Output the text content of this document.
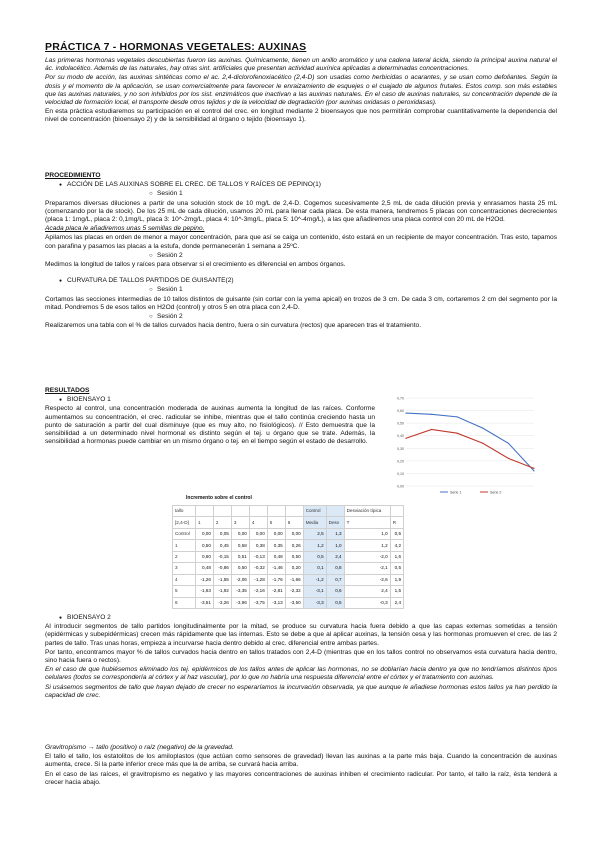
PRÁCTICA 7 - HORMONAS VEGETALES: AUXINAS

Las primeras hormonas vegetales descubiertas fueron las auxinas. Químicamente, tienen un anillo aromático y una cadena lateral ácida, siendo la principal auxina natural el ác. indolacético. Además de las naturales, hay otras sint. artificiales que presentan actividad auxínica aplicadas a determinadas concentraciones.

Por su modo de acción, las auxinas sintéticas como el ac. 2,4-diclorofenoxiacético (2,4-D) son usadas como herbicidas o acarantes, y se usan como defoliantes. Según la dosis y el momento de la aplicación, se usan comercialmente para favorecer le enraizamiento de esquejes o el cuajado de algunos frutales. Estos comp. son más estables que las auxinas naturales, y no son inhibidos por los sist. enzimáticos que inactivan a las auxinas naturales. En el caso de auxinas naturales, su concentración depende de la velocidad de formación local, el transporte desde otros tejidos y de la velocidad de degradación (por auxinas oxidasas o peroxidasas).

En esta práctica estudiaremos su participación en el control del crec. en longitud mediante 2 bioensayos que nos permitirán comprobar cuantitativamente la dependencia del nivel de concentración (bioensayo 2) y de la sensibilidad al órgano o tejido (bioensayo 1).

PROCEDIMIENTO

● ACCIÓN DE LAS AUXINAS SOBRE EL CREC. DE TALLOS Y RAÍCES DE PEPINO(1)

○ Sesión 1

Preparamos diversas diluciones a partir de una solución stock de 10 mg/L de 2,4-D. Cogemos sucesivamente 2,5 mL de cada dilución previa y enrasamos hasta 25 mL (comenzando por la de stock). De los 25 mL de cada dilución, usamos 20 mL para llenar cada placa. De esta manera, tendremos 5 placas con concentraciones decrecientes (placa 1: 1mg/L, placa 2: 0,1mg/L, placa 3: 10^-2mg/L, placa 4: 10^-3mg/L, placa 5: 10^-4mg/L), a las que añadiremos una placa control con 20 mL de H2Od.

Acada placa le añadiremos unas 5 semillas de pepino.

Apilamos las placas en orden de menor a mayor concentración, para que así se caiga un contenido, ésto estará en un recipiente de mayor concentración. Tras esto, tapamos con parafina y pasamos las placas a la estufa, donde permanecerán 1 semana a 25ºC.

○ Sesión 2

Medimos la longitud de tallos y raíces para observar si el crecimiento es diferencial en ambos órganos.

● CURVATURA DE TALLOS PARTIDOS DE GUISANTE(2)

○ Sesión 1

Cortamos las secciones intermedias de 10 tallos distintos de guisante (sin cortar con la yema apical) en trozos de 3 cm. De cada 3 cm, cortaremos 2 cm del segmento por la mitad. Pondremos 5 de esos tallos en H2Od (control) y otros 5 en otra placa con 2,4-D.

○ Sesión 2

Realizaremos una tabla con el % de tallos curvados hacia dentro, fuera o sin curvatura (rectos) que aparecen tras el tratamiento.

RESULTADOS

● BIOENSAYO 1

Respecto al control, una concentración moderada de auxinas aumenta la longitud de las raíces. Conforme aumentamos su concentración, el crec. radicular se inhibe, mientras que el tallo continúa creciendo hasta un punto de saturación a partir del cual disminuye (que es muy alto, no fisiológicos). // Esto demuestra que la sensibilidad a un determinado nivel hormonal es distinto según el tej. u órgano que se trate. Además, la sensibilidad a hormonas puede cambiar en un mismo órgano o tej. en el tiempo según el estado de desarrollo.

0,70
0,60
0,50
0,40
0,30
0,20
0,10
0,00
Serie 1	Serie 2
Incremento sobre el control
tallo							Control		Desviación típica	
[2,4-D]	1	2	3	4	5	6	Media	Desv	T	R
Control	0,00	0,05	0,00	0,00	0,00	0,00	2,5	1,3	1,0	0,5
1	0,50	0,45	0,58	0,38	0,35	0,26	1,2	1,0	1,2	4,2
2	0,60	-0,15	0,51	-0,13	0,48	0,50	0,5	2,4	-2,0	1,6
3	0,48	-0,86	0,50	-0,32	-1,46	0,20	0,1	0,8	-2,1	0,5
4	-1,26	-1,55	-2,06	-1,28	-1,76	-1,66	-1,2	0,7	-2,6	1,9
5	-1,63	-1,92	-3,35	-2,16	-2,81	-2,32	-3,1	0,6	2,4	1,5
6	-3,51	-3,26	-3,96	-3,75	-3,13	-3,50	-3,3	0,5	-0,3	2,4

● BIOENSAYO 2

Al introducir segmentos de tallo partidos longitudinalmente por la mitad, se produce su curvatura hacia fuera debido a que las capas externas sometidas a tensión (epidérmicas y subepidérmicas) crecen más rápidamente que las internas. Esto se debe a que al aplicar auxinas, la tensión cesa y las hormonas promueven el crec. de las 2 partes de tallo. Tras unas horas, empieza a incurvarse hacia dentro debido al crec. diferencial entre ambas partes.

Por tanto, encontramos mayor % de tallos curvados hacia dentro en tallos tratados con 2,4-D (mientras que en los tallos control no observamos esta curvatura hacia dentro, sino hacia fuera o rectos).

En el caso de que hubiésemos eliminado los tej. epidérmicos de los tallos antes de aplicar las hormonas, no se doblarían hacia dentro ya que no tendríamos distintos tipos celulares (todos se correspondería al córtex y al haz vascular), por lo que no habría una respuesta diferencial entre el córtex y el tratamiento con auxinas.

Si usásemos segmentos de tallo que hayan dejado de crecer no esperaríamos la incurvación observada, ya que aunque le añadiese hormonas estos tallos ya han perdido la capacidad de crec.

Gravitropismo → tallo (positivo) o raíz (negativo) de la gravedad.

El tallo el tallo, los estatolitos de los amiloplastos (que actúan como sensores de gravedad) llevan las auxinas a la parte más baja. Cuando la concentración de auxinas aumenta, crece. Si la parte inferior crece más que la de arriba, se curvará hacia arriba.

En el caso de las raíces, el gravitropismo es negativo y las mayores concentraciones de auxinas inhiben el crecimiento radicular. Por tanto, el tallo la raíz, ésta tenderá a crecer hacia abajo.
